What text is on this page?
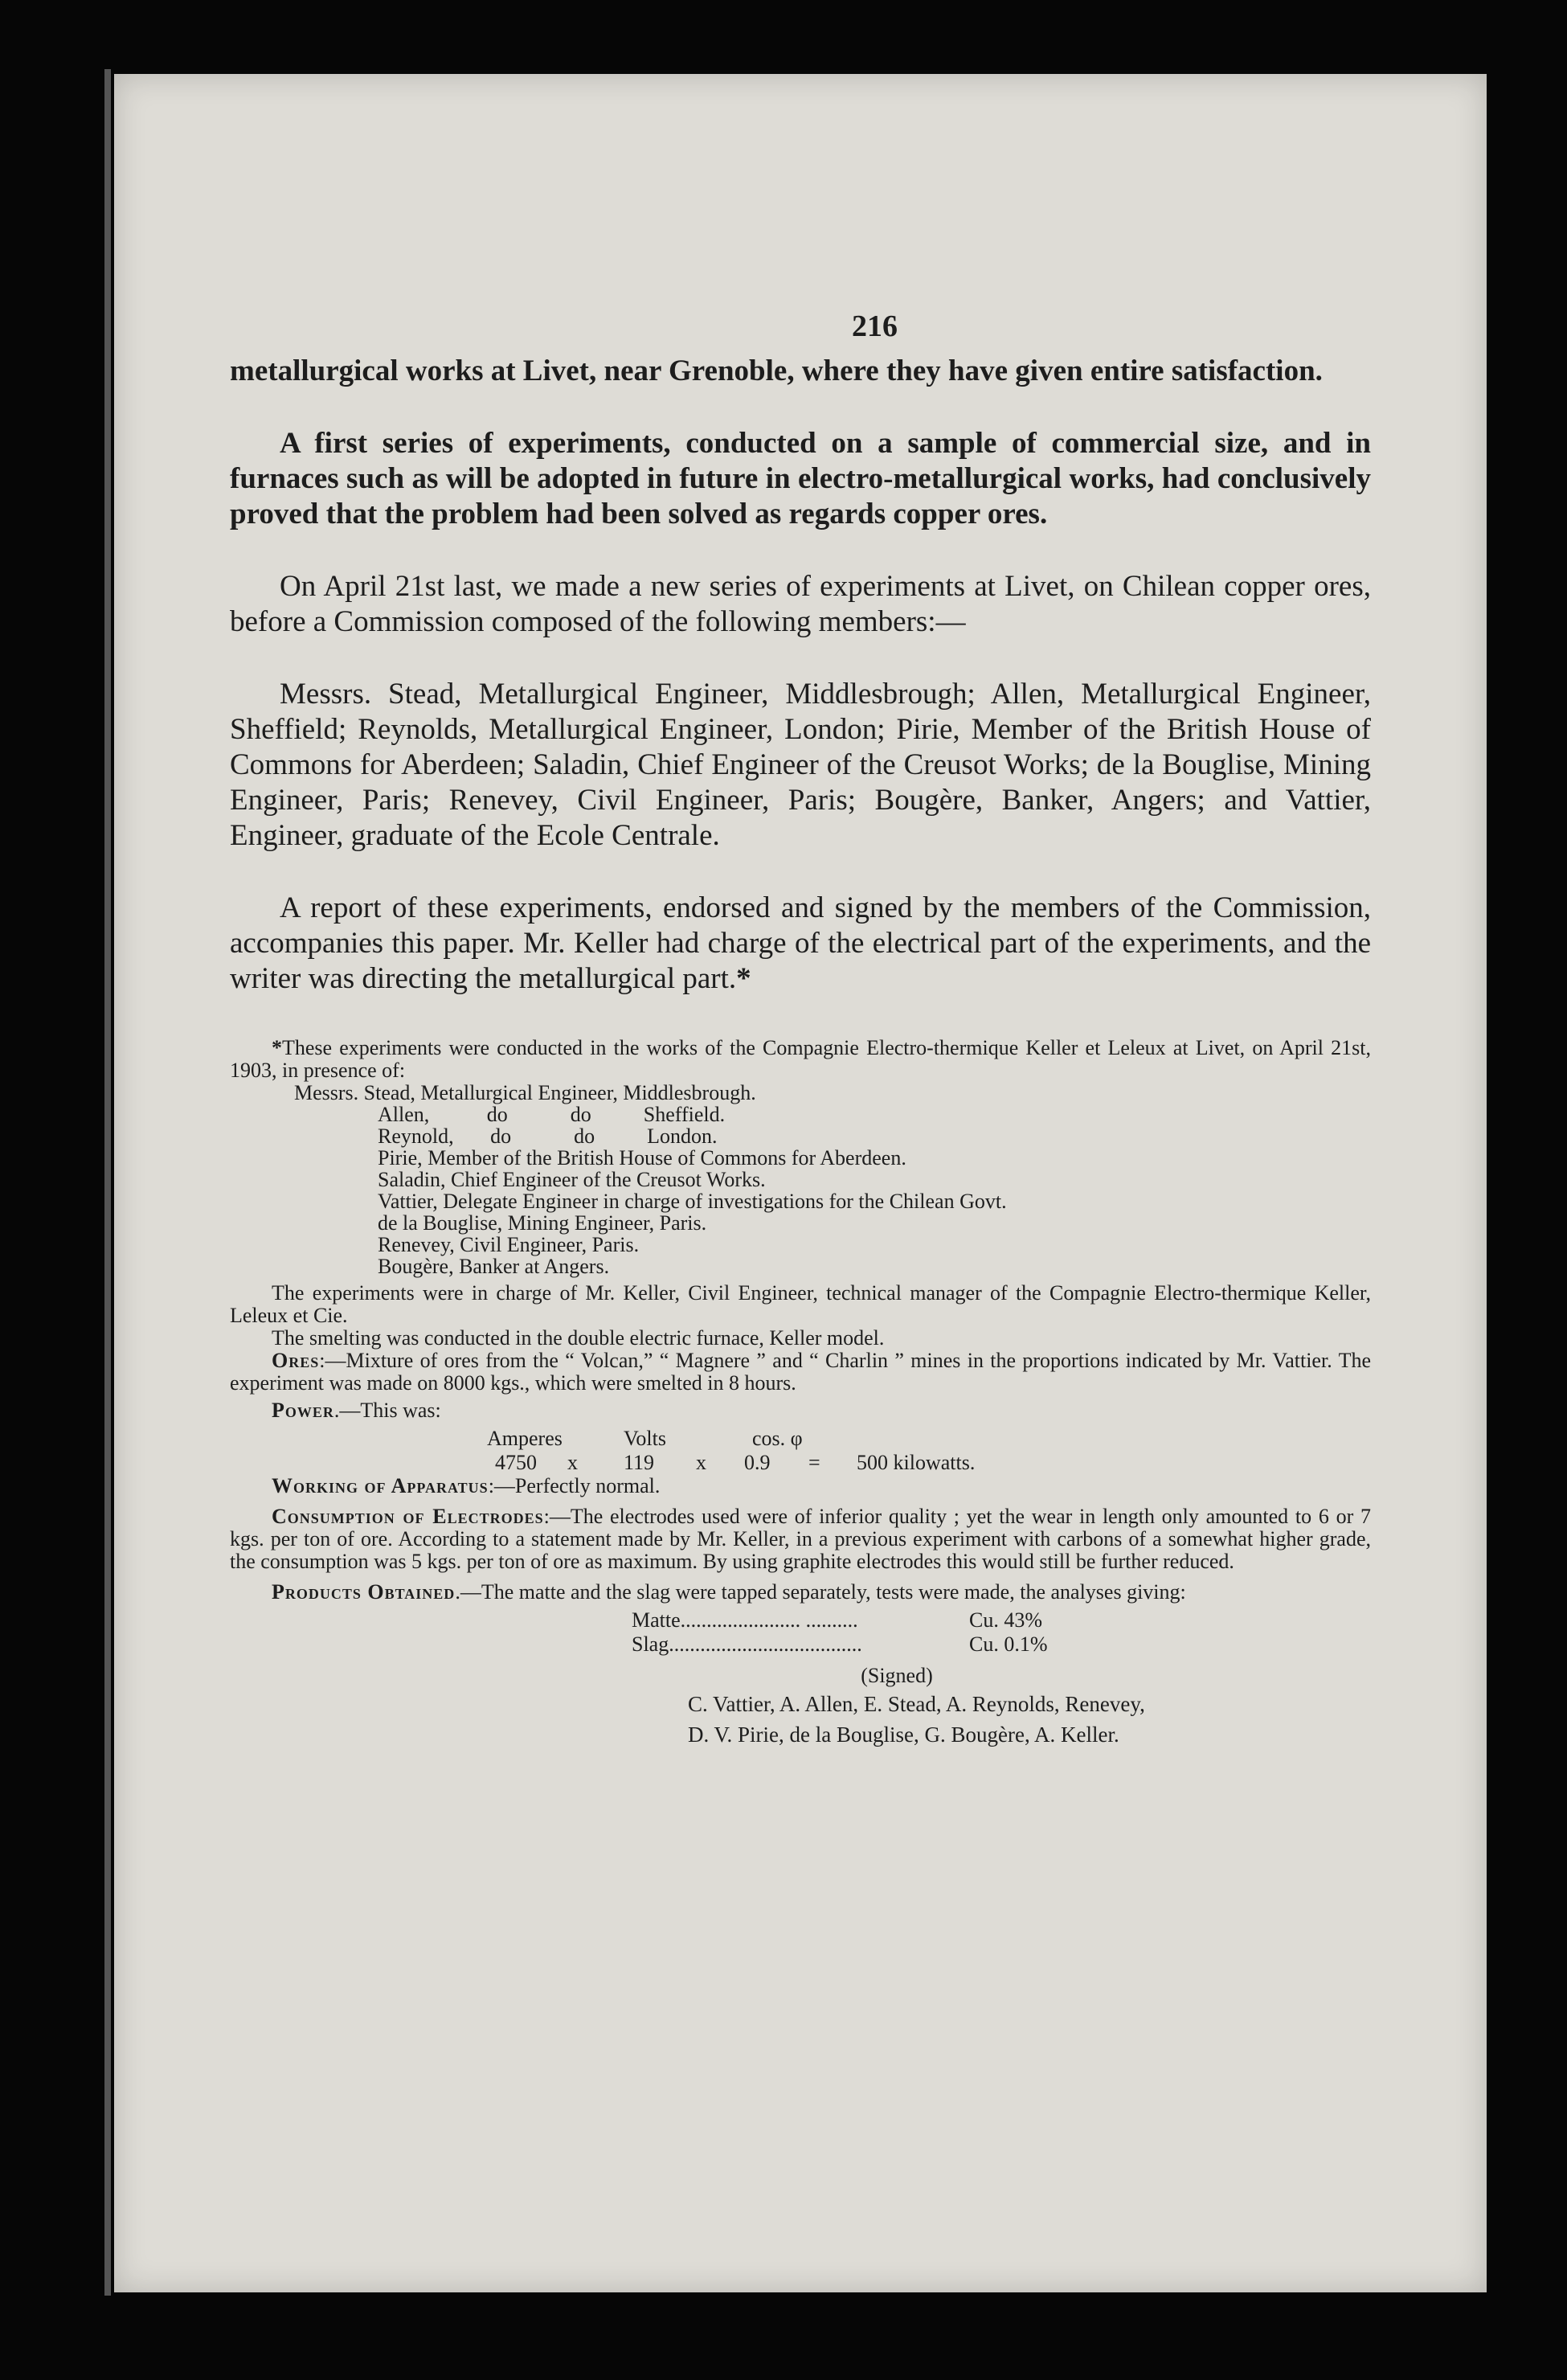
216

metallurgical works at Livet, near Grenoble, where they have given entire satisfaction.

A first series of experiments, conducted on a sample of commercial size, and in furnaces such as will be adopted in future in electro-metallurgical works, had conclusively proved that the problem had been solved as regards copper ores.

On April 21st last, we made a new series of experiments at Livet, on Chilean copper ores, before a Commission composed of the following members:—

Messrs. Stead, Metallurgical Engineer, Middlesbrough; Allen, Metallurgical Engineer, Sheffield; Reynolds, Metallurgical Engineer, London; Pirie, Member of the British House of Commons for Aberdeen; Saladin, Chief Engineer of the Creusot Works; de la Bouglise, Mining Engineer, Paris; Renevey, Civil Engineer, Paris; Bougère, Banker, Angers; and Vattier, Engineer, graduate of the Ecole Centrale.

A report of these experiments, endorsed and signed by the members of the Commission, accompanies this paper. Mr. Keller had charge of the electrical part of the experiments, and the writer was directing the metallurgical part.*

*These experiments were conducted in the works of the Compagnie Electro-thermique Keller et Leleux at Livet, on April 21st, 1903, in presence of:

Messrs. Stead, Metallurgical Engineer, Middlesbrough.
Allen,           do            do          Sheffield.
Reynold,       do            do          London.
Pirie, Member of the British House of Commons for Aberdeen.
Saladin, Chief Engineer of the Creusot Works.
Vattier, Delegate Engineer in charge of investigations for the Chilean Govt.
de la Bouglise, Mining Engineer, Paris.
Renevey, Civil Engineer, Paris.
Bougère, Banker at Angers.

The experiments were in charge of Mr. Keller, Civil Engineer, technical manager of the Compagnie Electro-thermique Keller, Leleux et Cie.

The smelting was conducted in the double electric furnace, Keller model.

Ores:—Mixture of ores from the “ Volcan,” “ Magnere ” and “ Charlin ” mines in the proportions indicated by Mr. Vattier. The experiment was made on 8000 kgs., which were smelted in 8 hours.

Power.—This was:

Amperes	Volts	cos. φ
4750 x 119 x 0.9 = 500 kilowatts.

Working of Apparatus:—Perfectly normal.

Consumption of Electrodes:—The electrodes used were of inferior quality ; yet the wear in length only amounted to 6 or 7 kgs. per ton of ore. According to a statement made by Mr. Keller, in a previous experiment with carbons of a somewhat higher grade, the consumption was 5 kgs. per ton of ore as maximum. By using graphite electrodes this would still be further reduced.

Products Obtained.—The matte and the slag were tapped separately, tests were made, the analyses giving:

Matte....................... ..........	Cu. 43%
Slag.....................................	Cu. 0.1%
(Signed)
C. Vattier, A. Allen, E. Stead, A. Reynolds, Renevey,
D. V. Pirie, de la Bouglise, G. Bougère, A. Keller.
